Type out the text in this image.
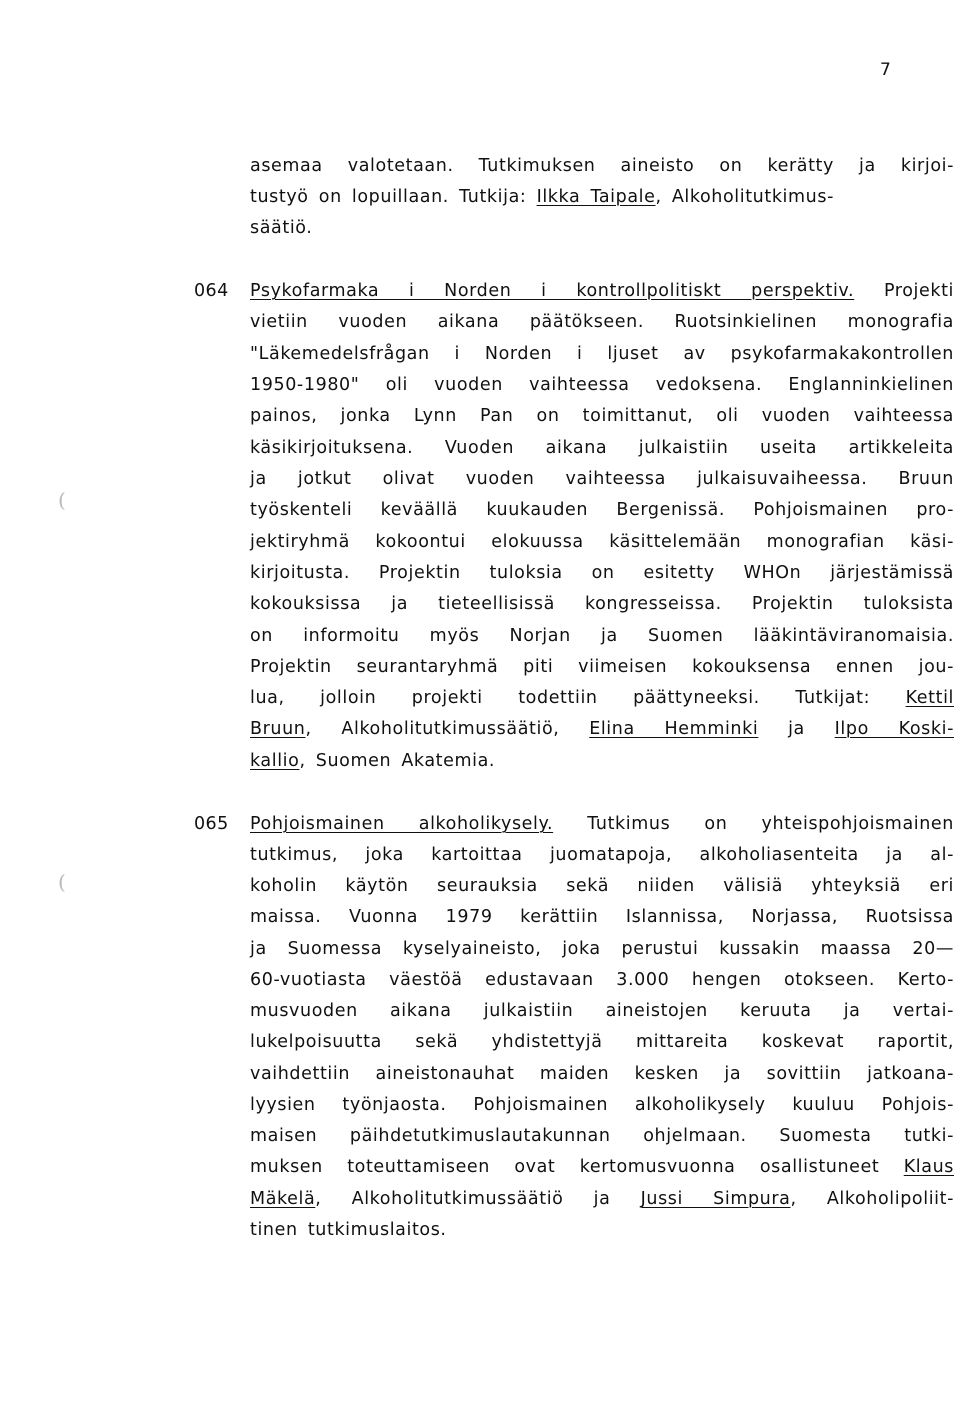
7
asemaa valotetaan. Tutkimuksen aineisto on kerätty ja kirjoi-
tustyö on lopuillaan. Tutkija: Ilkka Taipale, Alkoholitutkimus-
säätiö.
064 Psykofarmaka i Norden i kontrollpolitiskt perspektiv. Projekti
vietiin vuoden aikana päätökseen. Ruotsinkielinen monografia
"Läkemedelsfrågan i Norden i ljuset av psykofarmakakontrollen
1950-1980" oli vuoden vaihteessa vedoksena. Englanninkielinen
painos, jonka Lynn Pan on toimittanut, oli vuoden vaihteessa
käsikirjoituksena. Vuoden aikana julkaistiin useita artikkeleita
ja jotkut olivat vuoden vaihteessa julkaisuvaiheessa. Bruun
työskenteli keväällä kuukauden Bergenissä. Pohjoismainen pro-
jektiryhmä kokoontui elokuussa käsittelemään monografian käsi-
kirjoitusta. Projektin tuloksia on esitetty WHOn järjestämissä
kokouksissa ja tieteellisissä kongresseissa. Projektin tuloksista
on informoitu myös Norjan ja Suomen lääkintäviranomaisia.
Projektin seurantaryhmä piti viimeisen kokouksensa ennen jou-
lua, jolloin projekti todettiin päättyneeksi. Tutkijat: Kettil
Bruun, Alkoholitutkimussäätiö, Elina Hemminki ja Ilpo Koski-
kallio, Suomen Akatemia.
065 Pohjoismainen alkoholikysely. Tutkimus on yhteispohjoismainen
tutkimus, joka kartoittaa juomatapoja, alkoholiasenteita ja al-
koholin käytön seurauksia sekä niiden välisiä yhteyksiä eri
maissa. Vuonna 1979 kerättiin Islannissa, Norjassa, Ruotsissa
ja Suomessa kyselyaineisto, joka perustui kussakin maassa 20—
60-vuotiasta väestöä edustavaan 3.000 hengen otokseen. Kerto-
musvuoden aikana julkaistiin aineistojen keruuta ja vertai-
lukelpoisuutta sekä yhdistettyjä mittareita koskevat raportit,
vaihdettiin aineistonauhat maiden kesken ja sovittiin jatkoana-
lyysien työnjaosta. Pohjoismainen alkoholikysely kuuluu Pohjois-
maisen päihdetutkimuslautakunnan ohjelmaan. Suomesta tutki-
muksen toteuttamiseen ovat kertomusvuonna osallistuneet Klaus
Mäkelä, Alkoholitutkimussäätiö ja Jussi Simpura, Alkoholipoliit-
tinen tutkimuslaitos.
(
(
